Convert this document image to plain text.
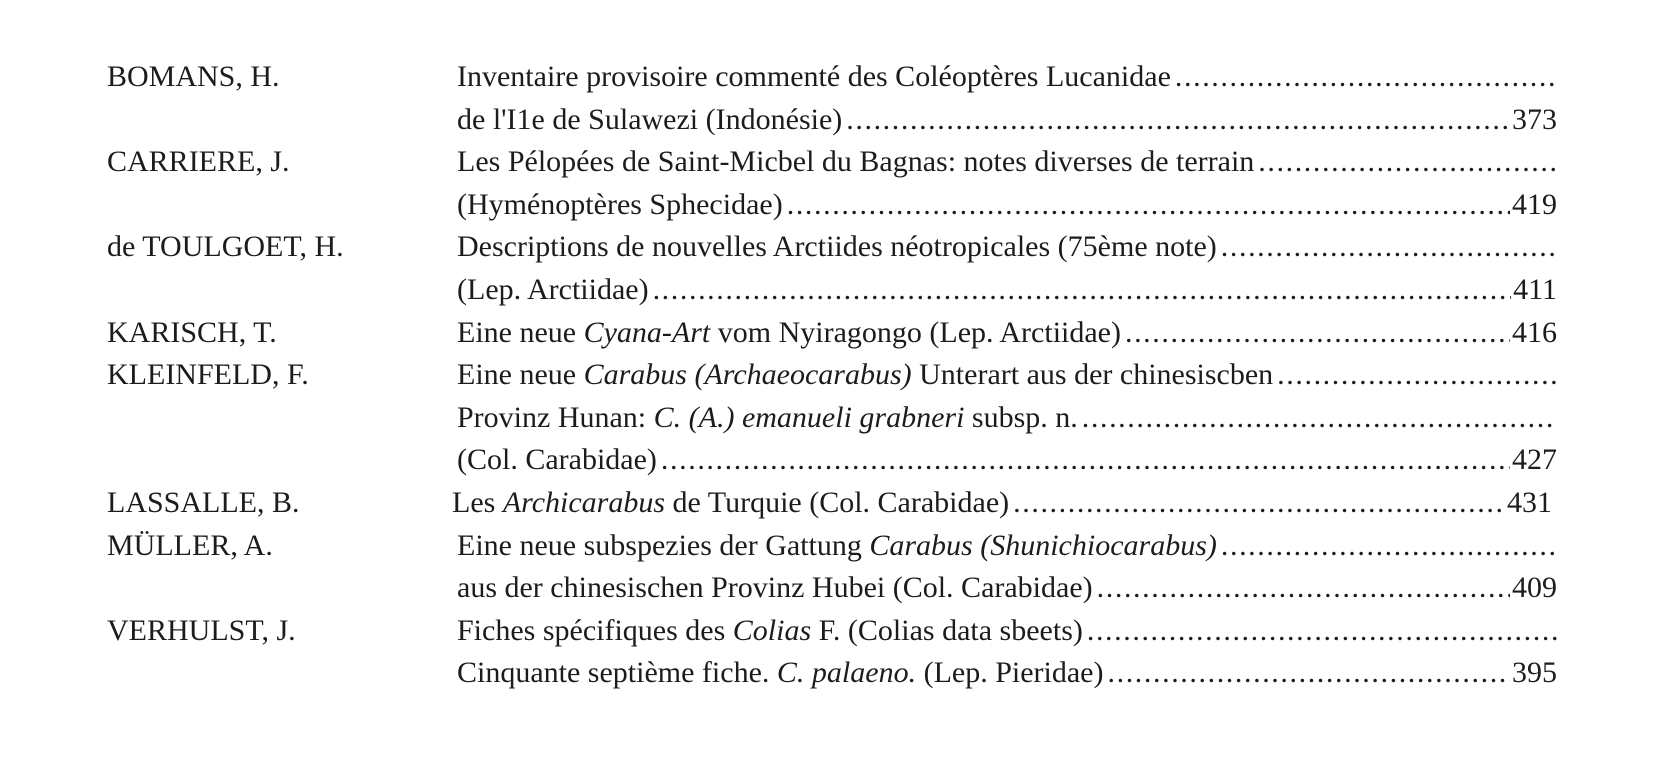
BOMANS, H.	Inventaire provisoire commenté des Coléoptères Lucanidae
.....
de l'I1e de Sulawezi (Indonésie) .....	373
CARRIERE, J.	Les Pélopées de Saint-Micbel du Bagnas: notes diverses de terrain
.....
(Hyménoptères Sphecidae) .....	419
de TOULGOET, H.	Descriptions de nouvelles Arctiides néotropicales (75ème note)
.....
(Lep. Arctiidae) .....	411
KARISCH, T.	Eine neue Cyana-Art vom Nyiragongo (Lep. Arctiidae) .....	416
KLEINFELD, F.	Eine neue Carabus (Archaeocarabus) Unterart aus der chinesiscben
.....
Provinz Hunan: C. (A.) emanueli grabneri subsp. n.
.....
(Col. Carabidae) .....	427
LASSALLE, B.	Les Archicarabus de Turquie (Col. Carabidae) .....	431
MÜLLER, A.	Eine neue subspezies der Gattung Carabus (Shunichiocarabus)
.....
aus der chinesischen Provinz Hubei (Col. Carabidae) .....	409
VERHULST, J.	Fiches spécifiques des Colias F. (Colias data sbeets)
.....
Cinquante septième fiche. C. palaeno. (Lep. Pieridae) .....	395
